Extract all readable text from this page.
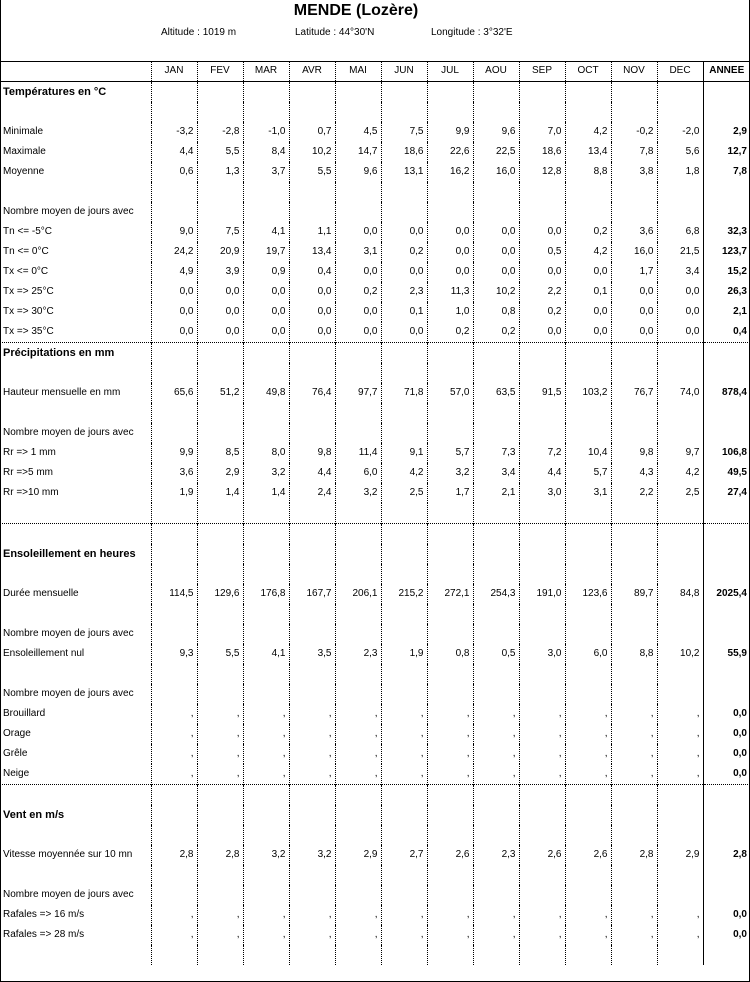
MENDE (Lozère)
Altitude : 1019 m	Latitude : 44°30'N	Longitude : 3°32'E
	JAN	FEV	MAR	AVR	MAI	JUN	JUL	AOU	SEP	OCT	NOV	DEC	ANNEE
Températures en °C													

Minimale	-3,2	-2,8	-1,0	0,7	4,5	7,5	9,9	9,6	7,0	4,2	-0,2	-2,0	2,9
Maximale	4,4	5,5	8,4	10,2	14,7	18,6	22,6	22,5	18,6	13,4	7,8	5,6	12,7
Moyenne	0,6	1,3	3,7	5,5	9,6	13,1	16,2	16,0	12,8	8,8	3,8	1,8	7,8

Nombre moyen de jours avec													
Tn <= -5°C	9,0	7,5	4,1	1,1	0,0	0,0	0,0	0,0	0,0	0,2	3,6	6,8	32,3
Tn <= 0°C	24,2	20,9	19,7	13,4	3,1	0,2	0,0	0,0	0,5	4,2	16,0	21,5	123,7
Tx <= 0°C	4,9	3,9	0,9	0,4	0,0	0,0	0,0	0,0	0,0	0,0	1,7	3,4	15,2
Tx => 25°C	0,0	0,0	0,0	0,0	0,2	2,3	11,3	10,2	2,2	0,1	0,0	0,0	26,3
Tx => 30°C	0,0	0,0	0,0	0,0	0,0	0,1	1,0	0,8	0,2	0,0	0,0	0,0	2,1
Tx => 35°C	0,0	0,0	0,0	0,0	0,0	0,0	0,2	0,2	0,0	0,0	0,0	0,0	0,4
Précipitations en mm													

Hauteur mensuelle en mm	65,6	51,2	49,8	76,4	97,7	71,8	57,0	63,5	91,5	103,2	76,7	74,0	878,4

Nombre moyen de jours avec													
Rr => 1 mm	9,9	8,5	8,0	9,8	11,4	9,1	5,7	7,3	7,2	10,4	9,8	9,7	106,8
Rr =>5 mm	3,6	2,9	3,2	4,4	6,0	4,2	3,2	3,4	4,4	5,7	4,3	4,2	49,5
Rr =>10 mm	1,9	1,4	1,4	2,4	3,2	2,5	1,7	2,1	3,0	3,1	2,2	2,5	27,4

Ensoleillement en heures													

Durée mensuelle	114,5	129,6	176,8	167,7	206,1	215,2	272,1	254,3	191,0	123,6	89,7	84,8	2025,4

Nombre moyen de jours avec													
Ensoleillement nul	9,3	5,5	4,1	3,5	2,3	1,9	0,8	0,5	3,0	6,0	8,8	10,2	55,9

Nombre moyen de jours avec													
Brouillard	,	,	,	,	,	,	,	,	,	,	,	,	0,0
Orage	,	,	,	,	,	,	,	,	,	,	,	,	0,0
Grêle	,	,	,	,	,	,	,	,	,	,	,	,	0,0
Neige	,	,	,	,	,	,	,	,	,	,	,	,	0,0

Vent en m/s													

Vitesse moyennée sur 10 mn	2,8	2,8	3,2	3,2	2,9	2,7	2,6	2,3	2,6	2,6	2,8	2,9	2,8

Nombre moyen de jours avec													
Rafales => 16 m/s	,	,	,	,	,	,	,	,	,	,	,	,	0,0
Rafales => 28 m/s	,	,	,	,	,	,	,	,	,	,	,	,	0,0
